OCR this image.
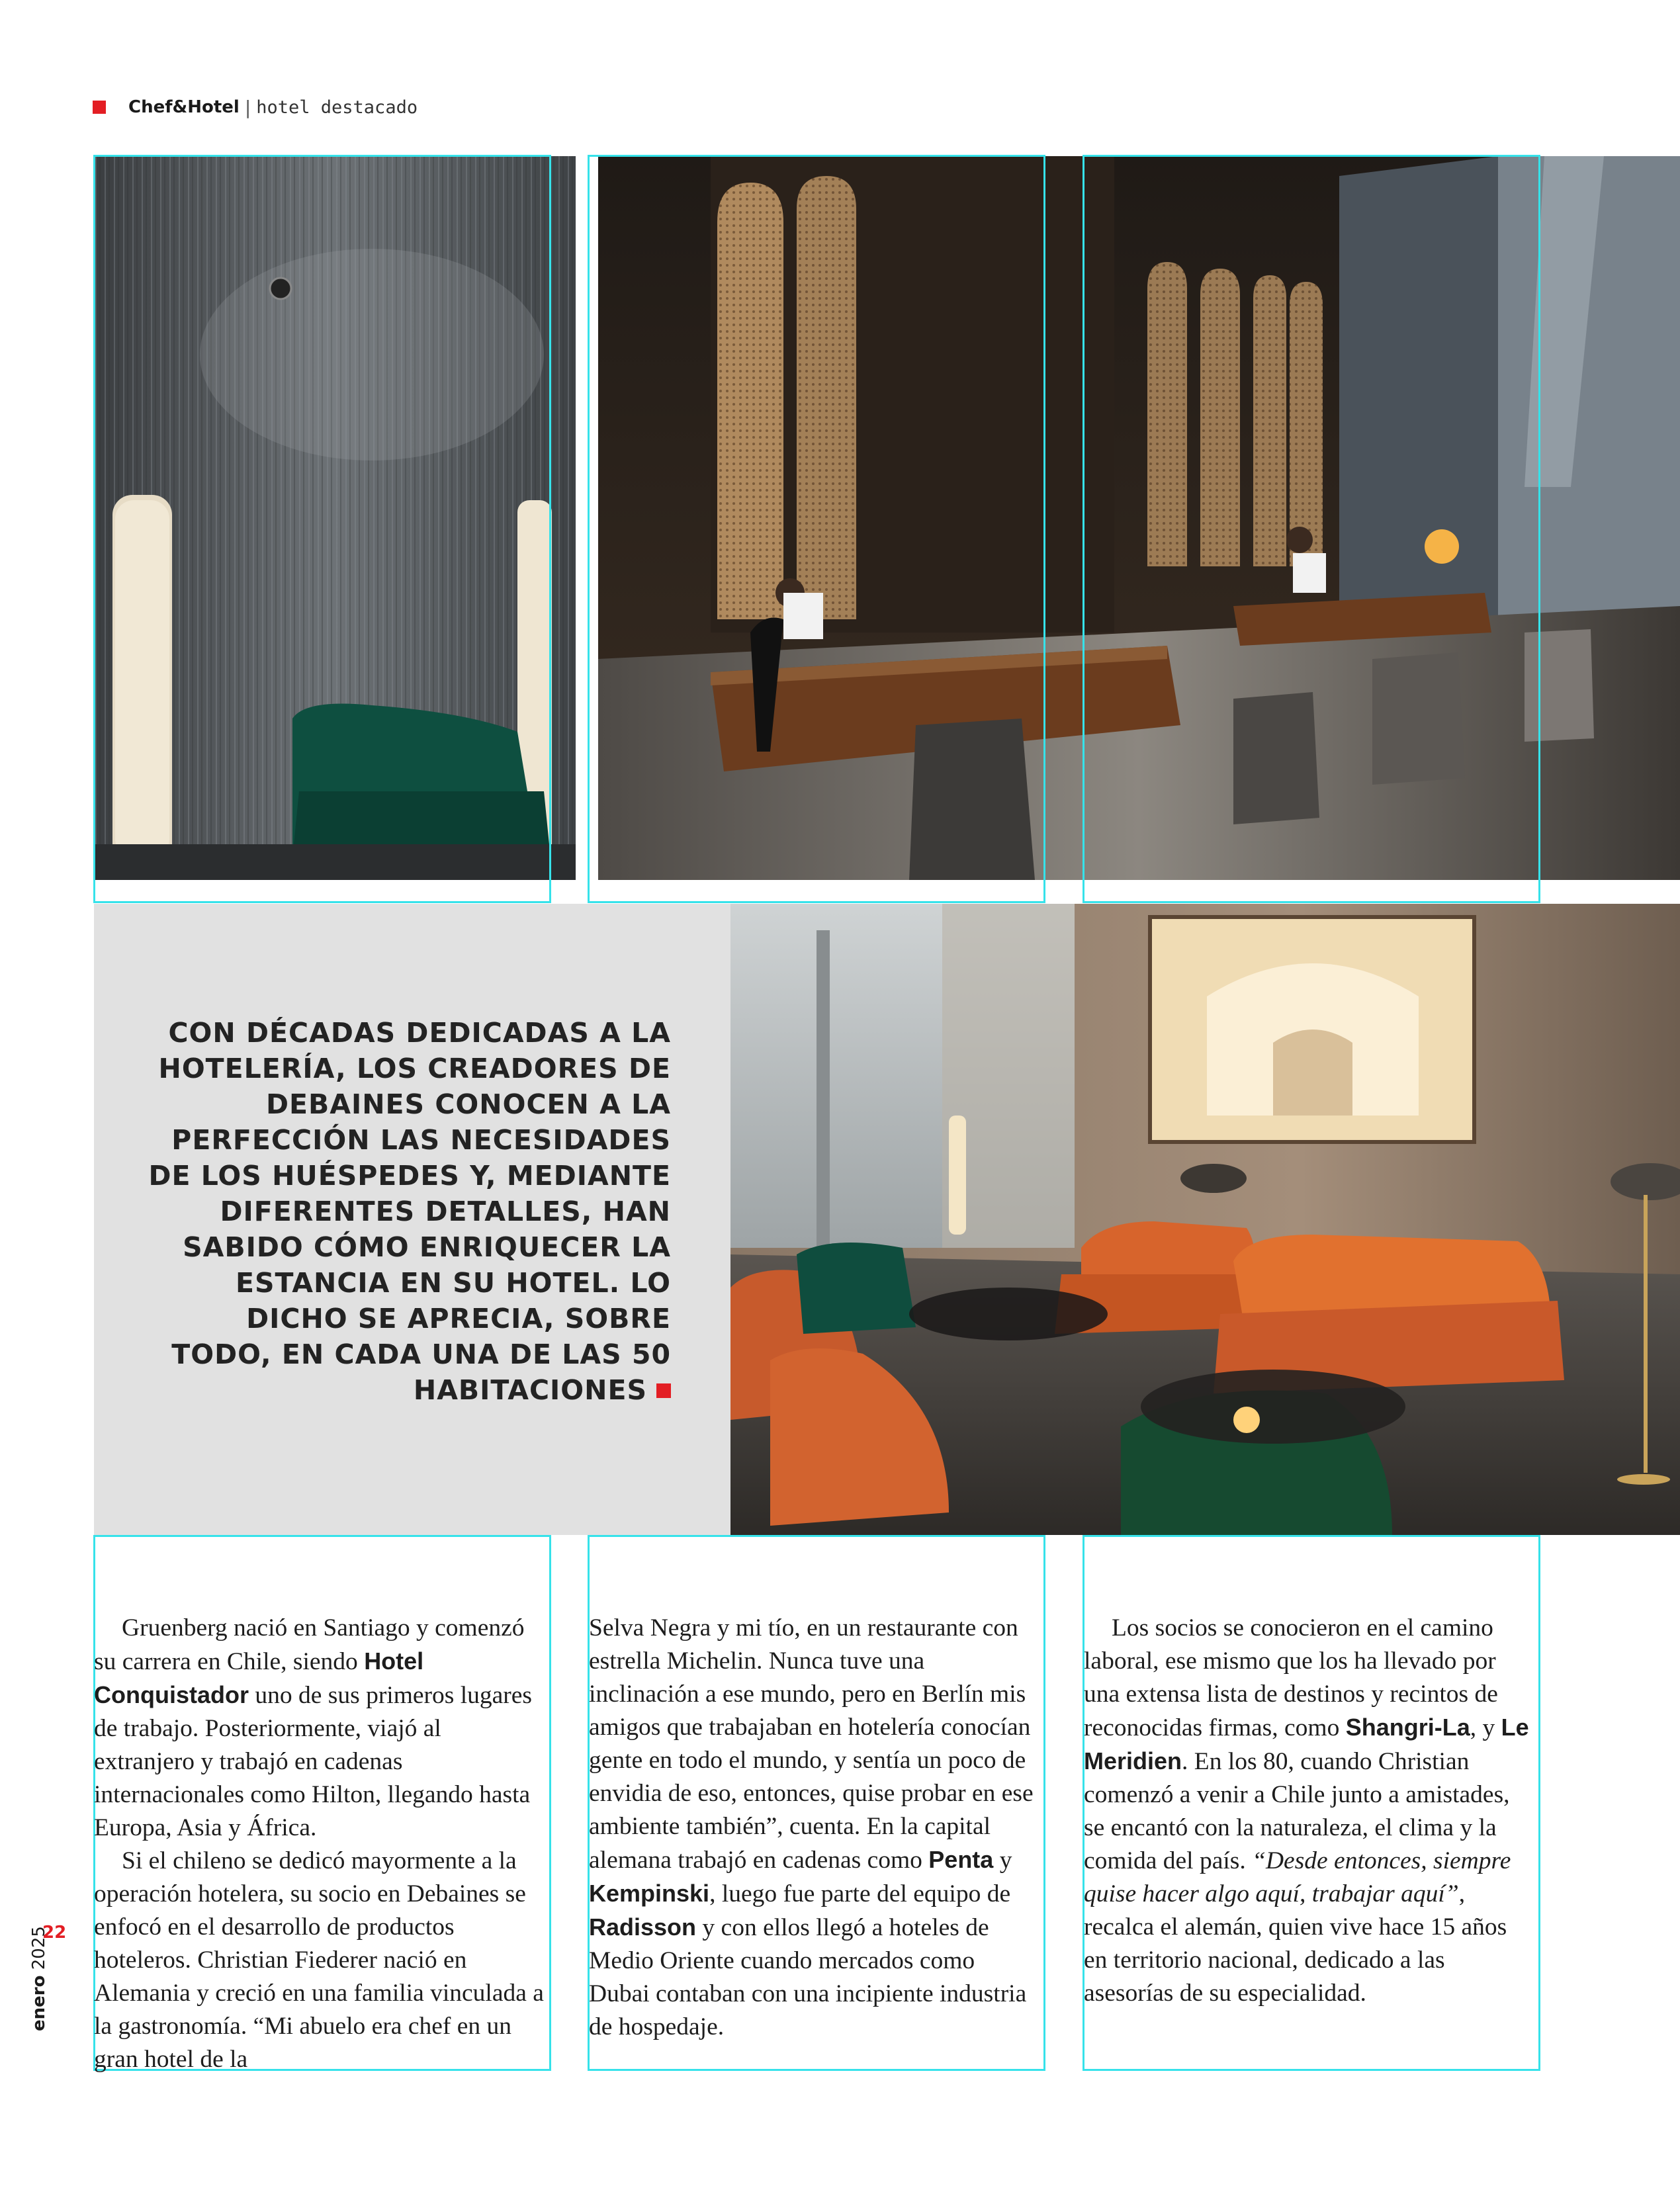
Chef&Hotel | hotel destacado

CON DÉCADAS DEDICADAS A LA HOTELERÍA, LOS CREADORES DE DEBAINES CONOCEN A LA PERFECCIÓN LAS NECESIDADES DE LOS HUÉSPEDES Y, MEDIANTE DIFERENTES DETALLES, HAN SABIDO CÓMO ENRIQUECER LA ESTANCIA EN SU HOTEL. LO DICHO SE APRECIA, SOBRE TODO, EN CADA UNA DE LAS 50 HABITACIONES

Gruenberg nació en Santiago y comenzó su carrera en Chile, siendo Hotel Conquistador uno de sus primeros lugares de trabajo. Posteriormente, viajó al extranjero y trabajó en cadenas internacionales como Hilton, llegando hasta Europa, Asia y África.

Si el chileno se dedicó mayormente a la operación hotelera, su socio en Debaines se enfocó en el desarrollo de productos hoteleros. Christian Fiederer nació en Alemania y creció en una familia vinculada a la gastronomía. “Mi abuelo era chef en un gran hotel de la

Selva Negra y mi tío, en un restaurante con estrella Michelin. Nunca tuve una inclinación a ese mundo, pero en Berlín mis amigos que trabajaban en hotelería conocían gente en todo el mundo, y sentía un poco de envidia de eso, entonces, quise probar en ese ambiente también”, cuenta. En la capital alemana trabajó en cadenas como Penta y Kempinski, luego fue parte del equipo de Radisson y con ellos llegó a hoteles de Medio Oriente cuando mercados como Dubai contaban con una incipiente industria de hospedaje.

Los socios se conocieron en el camino laboral, ese mismo que los ha llevado por una extensa lista de destinos y recintos de reconocidas firmas, como Shangri-La, y Le Meridien. En los 80, cuando Christian comenzó a venir a Chile junto a amistades, se encantó con la naturaleza, el clima y la comida del país. “Desde entonces, siempre quise hacer algo aquí, trabajar aquí”, recalca el alemán, quien vive hace 15 años en territorio nacional, dedicado a las asesorías de su especialidad.

22
enero 2025
